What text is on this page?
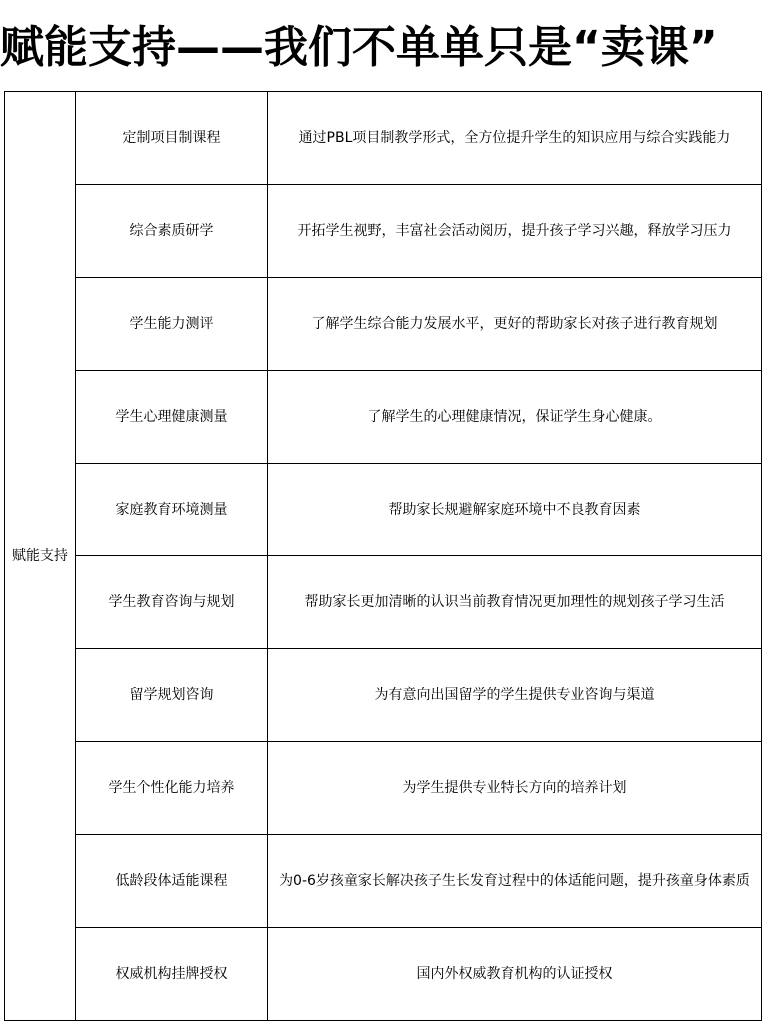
赋能支持——我们不单单只是“卖课”
赋能支持	定制项目制课程	通过PBL项目制教学形式，全方位提升学生的知识应用与综合实践能力
	综合素质研学	开拓学生视野，丰富社会活动阅历，提升孩子学习兴趣，释放学习压力
	学生能力测评	了解学生综合能力发展水平，更好的帮助家长对孩子进行教育规划
	学生心理健康测量	了解学生的心理健康情况，保证学生身心健康。
	家庭教育环境测量	帮助家长规避解家庭环境中不良教育因素
	学生教育咨询与规划	帮助家长更加清晰的认识当前教育情况更加理性的规划孩子学习生活
	留学规划咨询	为有意向出国留学的学生提供专业咨询与渠道
	学生个性化能力培养	为学生提供专业特长方向的培养计划
	低龄段体适能课程	为0-6岁孩童家长解决孩子生长发育过程中的体适能问题，提升孩童身体素质
	权威机构挂牌授权	国内外权威教育机构的认证授权
